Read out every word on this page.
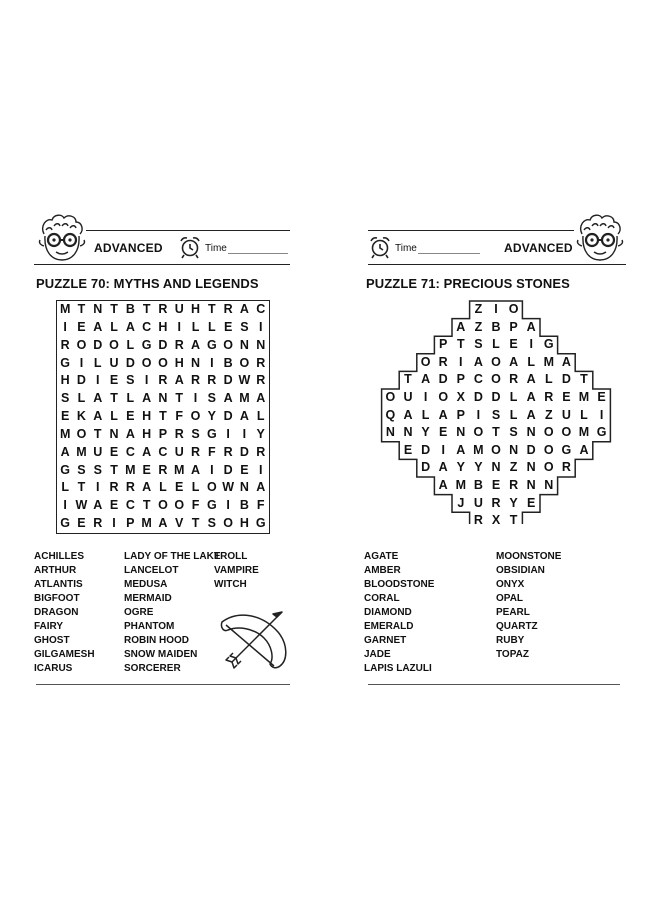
ADVANCED	Time
PUZZLE 70: MYTHS AND LEGENDS
M T N T B T R U H T R A C
I E A L A C H I L L E S I
R O D O L G D R A G O N N
G I L U D O O H N I B O R
H D I E S I R A R R D W R
S L A T L A N T I S A M A
E K A L E H T F O Y D A L
M O T N A H P R S G I	I Y
A M U E C A C U R F R D R
G S S T M E R M A I D E I
L T I R R A L E L O W N A
I W A E C T O O F G I B F
G E R I P M A V T S O H G
ACHILLES
ARTHUR
ATLANTIS
BIGFOOT
DRAGON
FAIRY
GHOST
GILGAMESH
ICARUS
LADY OF THE LAKE
LANCELOT
MEDUSA
MERMAID
OGRE
PHANTOM
ROBIN HOOD
SNOW MAIDEN
SORCERER
TROLL
VAMPIRE
WITCH
Time	ADVANCED
PUZZLE 71: PRECIOUS STONES
Z I O
A Z B P A
P T S L E I G
O R I A O A L M A
T A D P C O R A L D T
O U I O X D D L A R E M E
Q A L A P I S L A Z U L I
N N Y E N O T S N O O M G
E D I A M O N D O G A
D A Y Y N Z N O R
A M B E R N N
J U R Y E
R X T
AGATE
AMBER
BLOODSTONE
CORAL
DIAMOND
EMERALD
GARNET
JADE
LAPIS LAZULI
MOONSTONE
OBSIDIAN
ONYX
OPAL
PEARL
QUARTZ
RUBY
TOPAZ
